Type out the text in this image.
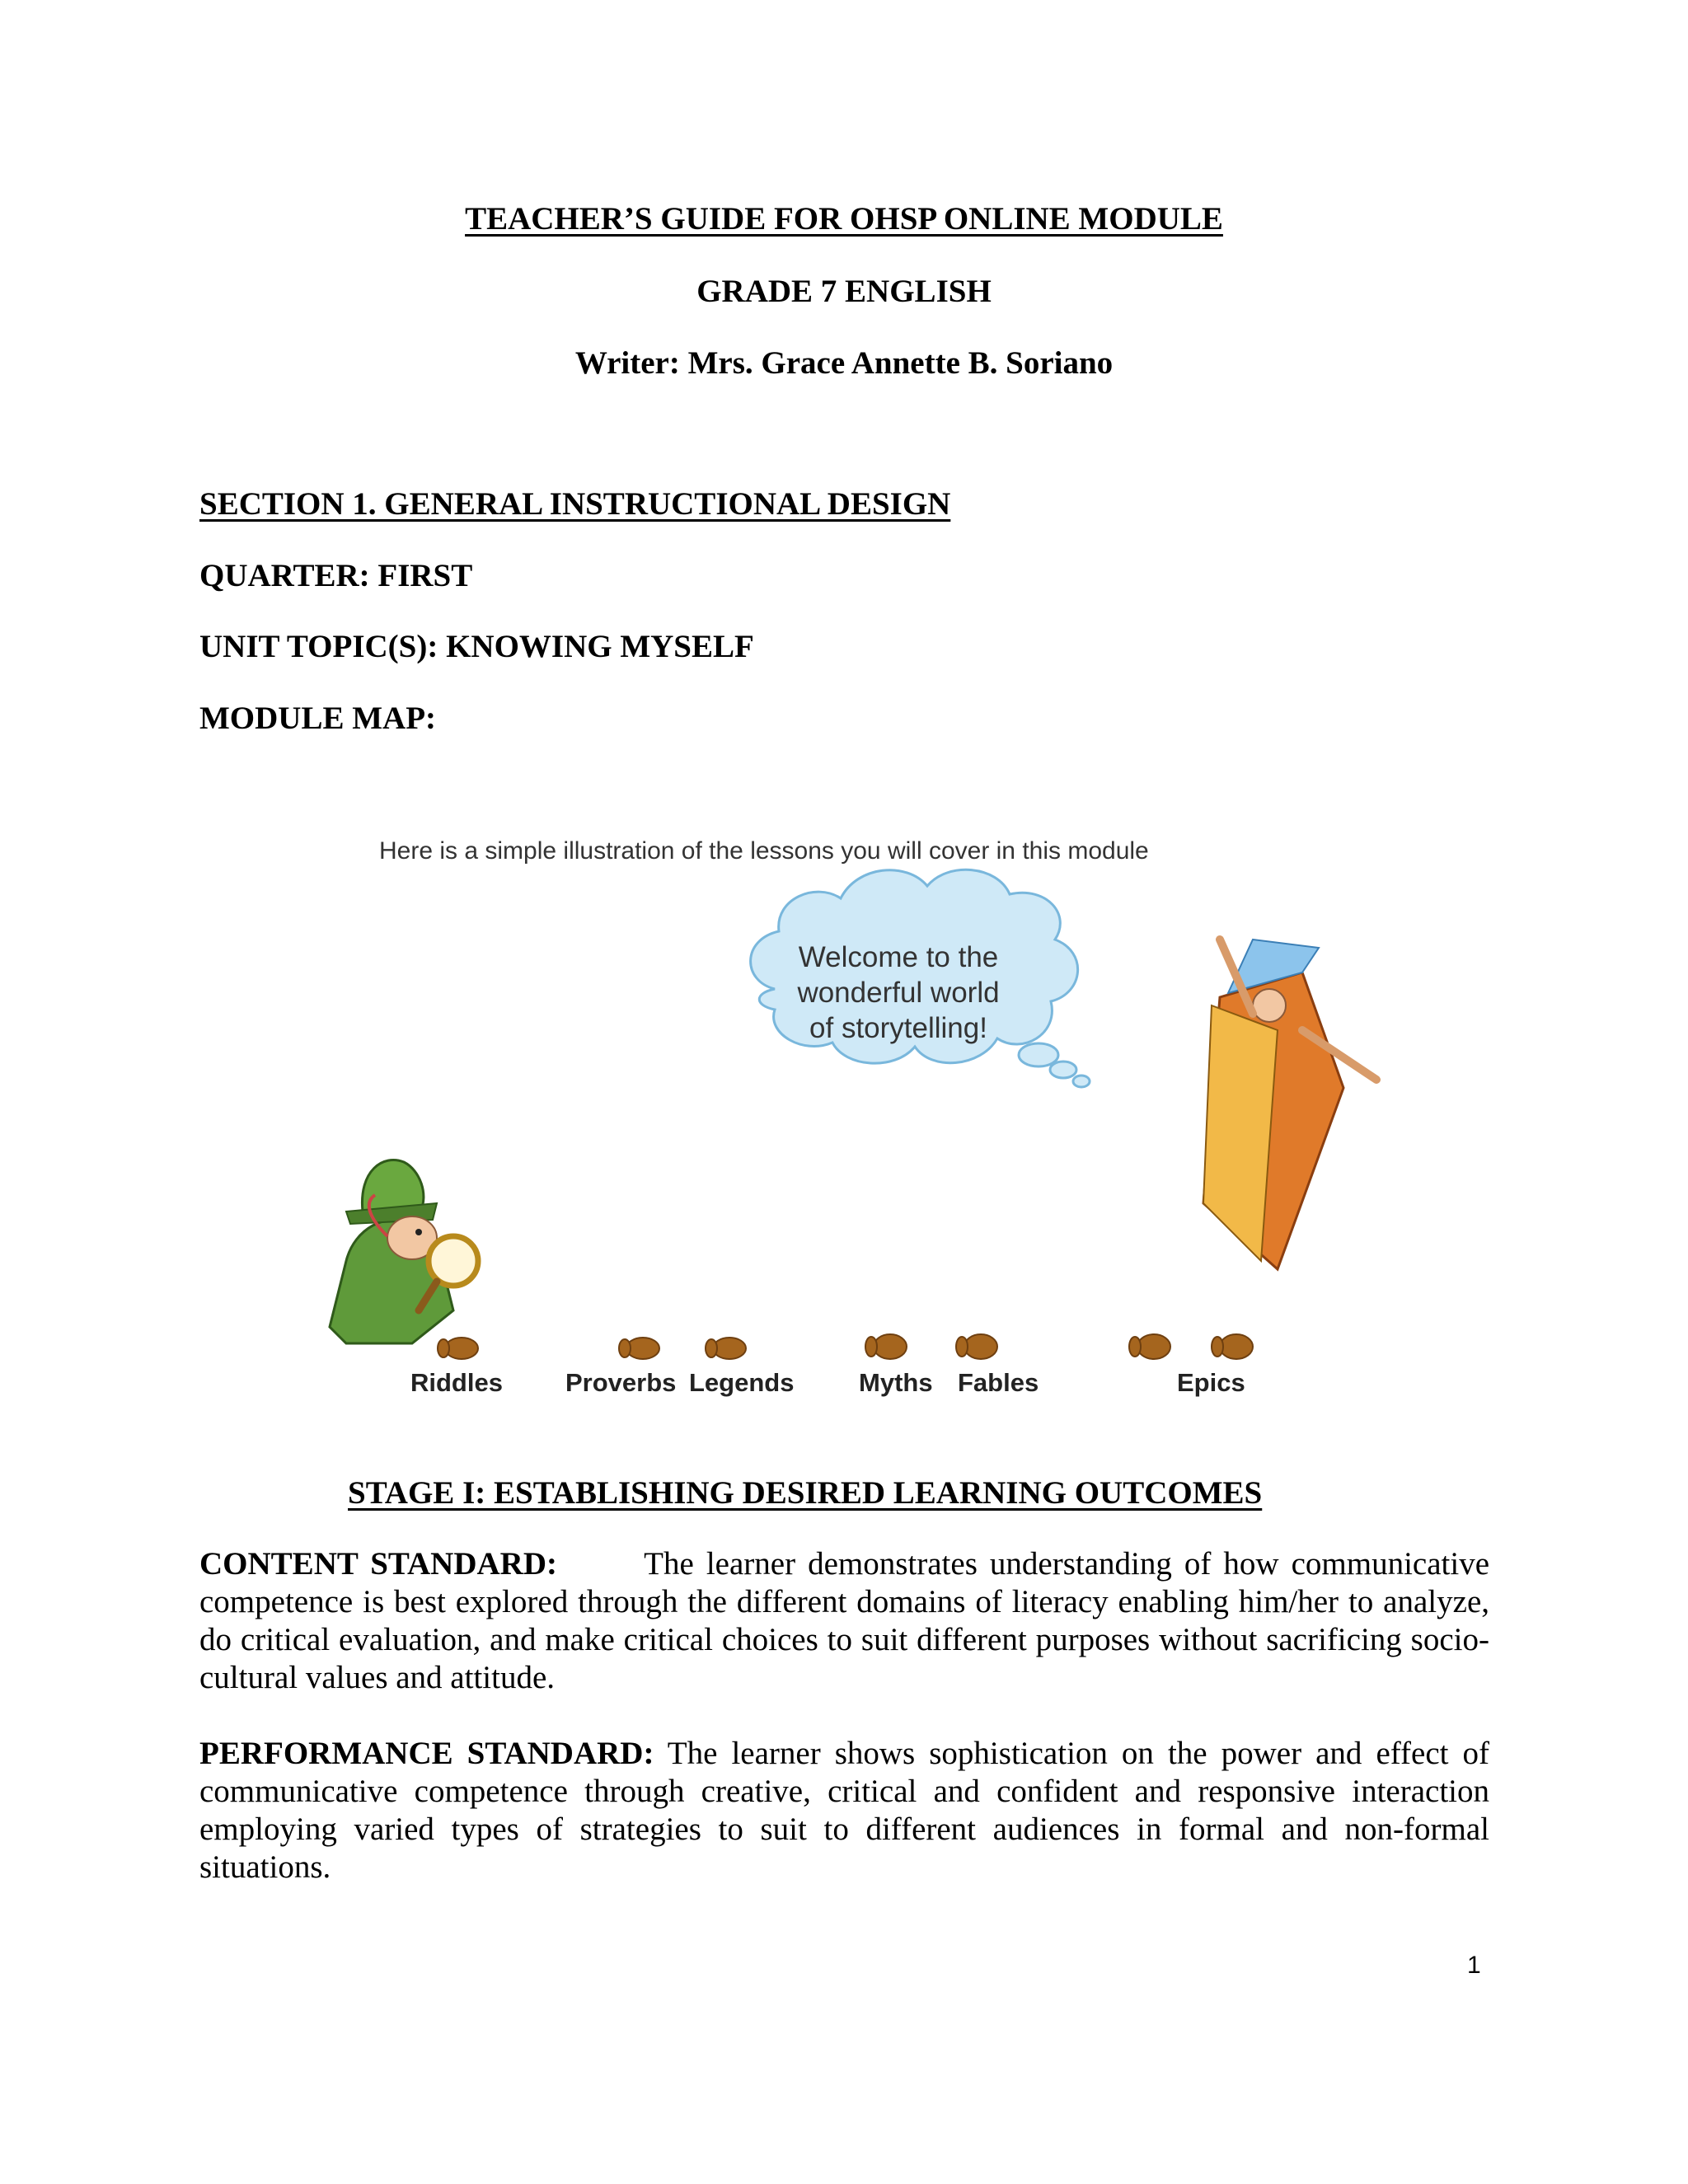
TEACHER’S GUIDE FOR OHSP ONLINE MODULE
GRADE 7 ENGLISH
Writer: Mrs. Grace Annette B. Soriano
SECTION 1. GENERAL INSTRUCTIONAL DESIGN
QUARTER: FIRST
UNIT TOPIC(S): KNOWING MYSELF
MODULE MAP:
Here is a simple illustration of the lessons you will cover in this module
Welcome to the
wonderful world
of storytelling!
Riddles Proverbs Legends	Myths Fables	Epics
STAGE I: ESTABLISHING DESIRED LEARNING OUTCOMES
CONTENT STANDARD:	The learner demonstrates understanding of how communicative competence is best explored through the different domains of literacy enabling him/her to analyze, do critical evaluation, and make critical choices to suit different purposes without sacrificing socio-cultural values and attitude.
PERFORMANCE STANDARD: The learner shows sophistication on the power and effect of communicative competence through creative, critical and confident and responsive interaction employing varied types of strategies to suit to different audiences in formal and non-formal situations.
1
